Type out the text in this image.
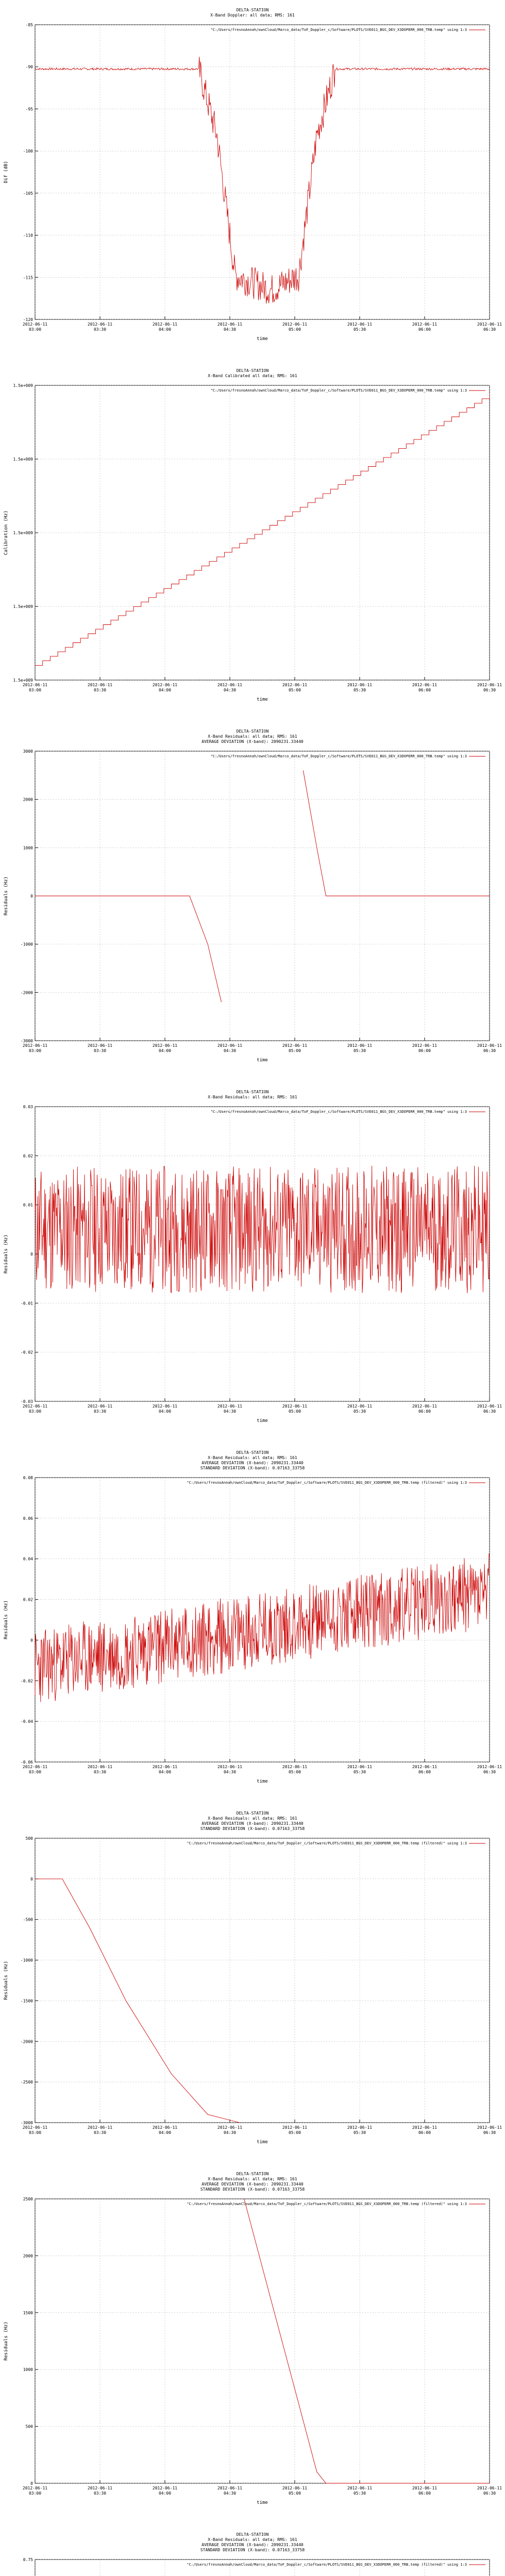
DELTA-STATION
X-Band Doppler: all data; RMS: 161
-85
-90
-95
-100
-105
-110
-115
-120
2012-06-11
03:00
2012-06-11
03:30
2012-06-11
04:00
2012-06-11
04:30
2012-06-11
05:00
2012-06-11
05:30
2012-06-11
06:00
2012-06-11
06:30
time
Dif (dB)
"C:/Users/fresnoAnnah/ownCloud/Marco_data/ToF_Doppler_c/Software/PLOTS/SVE011_BGS_DEV_X3DOPERR_000_TRB.temp" using 1:3
DELTA-STATION
X-Band Calibrated all data; RMS: 161
1.5e+009
1.5e+009
1.5e+009
1.5e+009
1.5e+009
2012-06-11
03:00
2012-06-11
03:30
2012-06-11
04:00
2012-06-11
04:30
2012-06-11
05:00
2012-06-11
05:30
2012-06-11
06:00
2012-06-11
06:30
time
Calibration (Hz)
"C:/Users/fresnoAnnah/ownCloud/Marco_data/ToF_Doppler_c/Software/PLOTS/SVE011_BGS_DEV_X3DOPERR_000_TRB.temp" using 1:3
DELTA-STATION
X-Band Residuals: all data; RMS: 161
AVERAGE DEVIATION (X-band): 2090231.33440
3000
2000
1000
0
-1000
-2000
-3000
2012-06-11
03:00
2012-06-11
03:30
2012-06-11
04:00
2012-06-11
04:30
2012-06-11
05:00
2012-06-11
05:30
2012-06-11
06:00
2012-06-11
06:30
time
Residuals (Hz)
"C:/Users/fresnoAnnah/ownCloud/Marco_data/ToF_Doppler_c/Software/PLOTS/SVE011_BGS_DEV_X3DOPERR_000_TRB.temp" using 1:3
DELTA-STATION
X-Band Residuals: all data; RMS: 161
0.03
0.02
0.01
0
-0.01
-0.02
-0.03
2012-06-11
03:00
2012-06-11
03:30
2012-06-11
04:00
2012-06-11
04:30
2012-06-11
05:00
2012-06-11
05:30
2012-06-11
06:00
2012-06-11
06:30
time
Residuals (Hz)
"C:/Users/fresnoAnnah/ownCloud/Marco_data/ToF_Doppler_c/Software/PLOTS/SVE011_BGS_DEV_X3DOPERR_000_TRB.temp" using 1:3
DELTA-STATION
X-Band Residuals: all data; RMS: 161
AVERAGE DEVIATION (X-band): 2090231.33440
STANDARD DEVIATION (X-band): 0.07163_33758
0.08
0.06
0.04
0.02
0
-0.02
-0.04
-0.06
2012-06-11
03:00
2012-06-11
03:30
2012-06-11
04:00
2012-06-11
04:30
2012-06-11
05:00
2012-06-11
05:30
2012-06-11
06:00
2012-06-11
06:30
time
Residuals (Hz)
"C:/Users/fresnoAnnah/ownCloud/Marco_data/ToF_Doppler_c/Software/PLOTS/SVE011_BGS_DEV_X3DOPERR_000_TRB.temp (filtered)" using 1:3
DELTA-STATION
X-Band Residuals: all data; RMS: 161
AVERAGE DEVIATION (X-band): 2090231.33440
STANDARD DEVIATION (X-band): 0.07163_33758
500
0
-500
-1000
-1500
-2000
-2500
-3000
2012-06-11
03:00
2012-06-11
03:30
2012-06-11
04:00
2012-06-11
04:30
2012-06-11
05:00
2012-06-11
05:30
2012-06-11
06:00
2012-06-11
06:30
time
Residuals (Hz)
"C:/Users/fresnoAnnah/ownCloud/Marco_data/ToF_Doppler_c/Software/PLOTS/SVE011_BGS_DEV_X3DOPERR_000_TRB.temp (filtered)" using 1:3
DELTA-STATION
X-Band Residuals: all data; RMS: 161
AVERAGE DEVIATION (X-band): 2090231.33440
STANDARD DEVIATION (X-band): 0.07163_33758
2500
2000
1500
1000
500
0
2012-06-11
03:00
2012-06-11
03:30
2012-06-11
04:00
2012-06-11
04:30
2012-06-11
05:00
2012-06-11
05:30
2012-06-11
06:00
2012-06-11
06:30
time
Residuals (Hz)
"C:/Users/fresnoAnnah/ownCloud/Marco_data/ToF_Doppler_c/Software/PLOTS/SVE011_BGS_DEV_X3DOPERR_000_TRB.temp (filtered)" using 1:3
DELTA-STATION
X-Band Residuals: all data; RMS: 161
AVERAGE DEVIATION (X-band): 2090231.33440
STANDARD DEVIATION (X-band): 0.07163_33758
0.75
"C:/Users/fresnoAnnah/ownCloud/Marco_data/ToF_Doppler_c/Software/PLOTS/SVE011_BGS_DEV_X3DOPERR_000_TRB.temp (filtered)" using 1:3
